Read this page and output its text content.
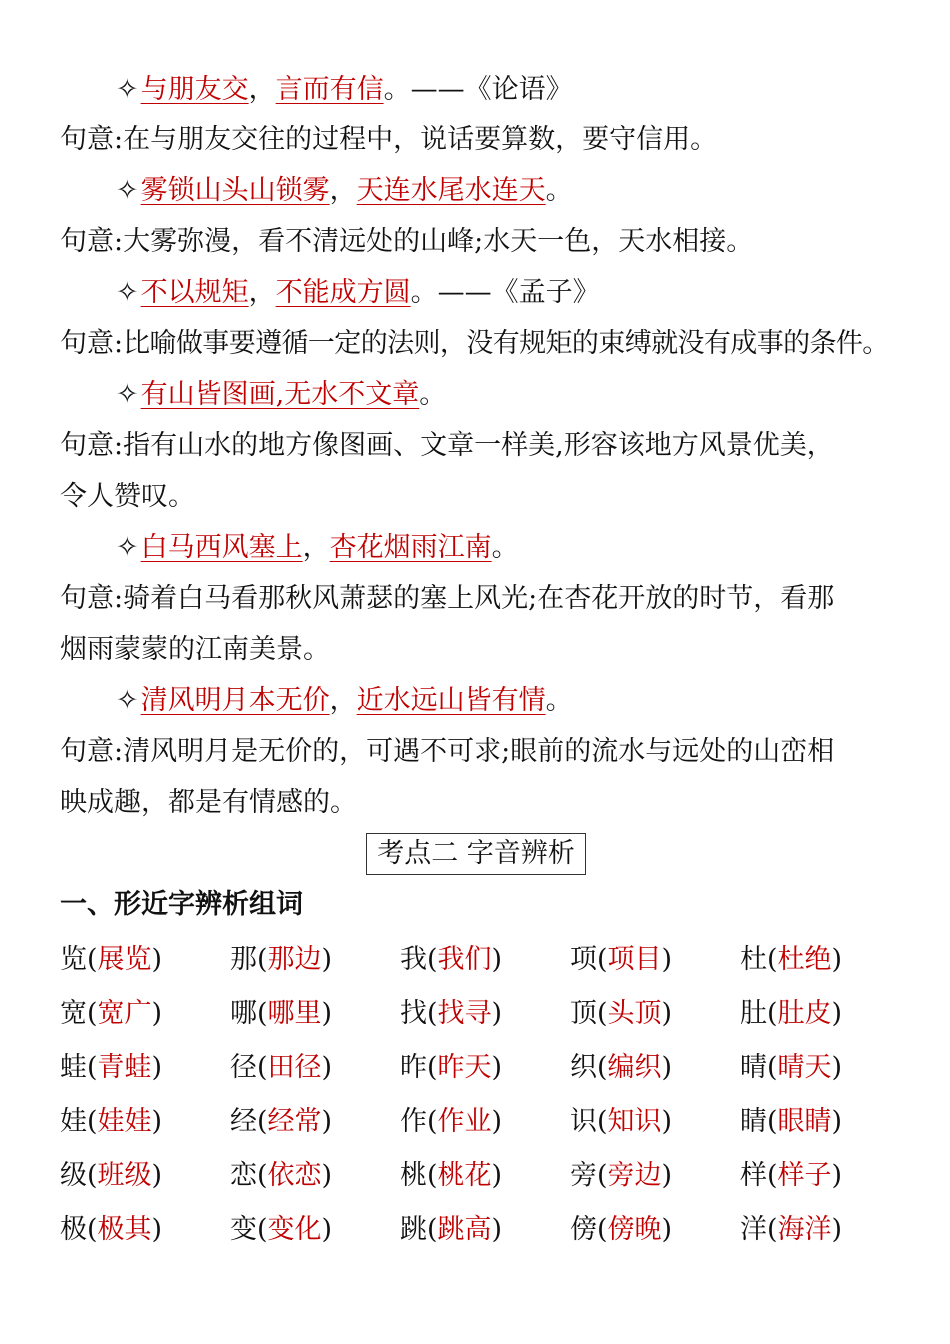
✧与朋友交，言而有信。——《论语》
句意:在与朋友交往的过程中，说话要算数，要守信用。
✧雾锁山头山锁雾，天连水尾水连天。
句意:大雾弥漫，看不清远处的山峰;水天一色，天水相接。
✧不以规矩，不能成方圆。——《孟子》
句意:比喻做事要遵循一定的法则，没有规矩的束缚就没有成事的条件。
✧有山皆图画,无水不文章。
句意:指有山水的地方像图画、文章一样美,形容该地方风景优美，
令人赞叹。
✧白马西风塞上，杏花烟雨江南。
句意:骑着白马看那秋风萧瑟的塞上风光;在杏花开放的时节，看那
烟雨蒙蒙的江南美景。
✧清风明月本无价，近水远山皆有情。
句意:清风明月是无价的，可遇不可求;眼前的流水与远处的山峦相
映成趣，都是有情感的。
考点二 字音辨析
一、形近字辨析组词
览(展览)	那(那边)	我(我们)	项(项目)	杜(杜绝)
宽(宽广)	哪(哪里)	找(找寻)	顶(头顶)	肚(肚皮)
蛙(青蛙)	径(田径)	昨(昨天)	织(编织)	晴(晴天)
娃(娃娃)	经(经常)	作(作业)	识(知识)	睛(眼睛)
级(班级)	恋(依恋)	桃(桃花)	旁(旁边)	样(样子)
极(极其)	变(变化)	跳(跳高)	傍(傍晚)	洋(海洋)
